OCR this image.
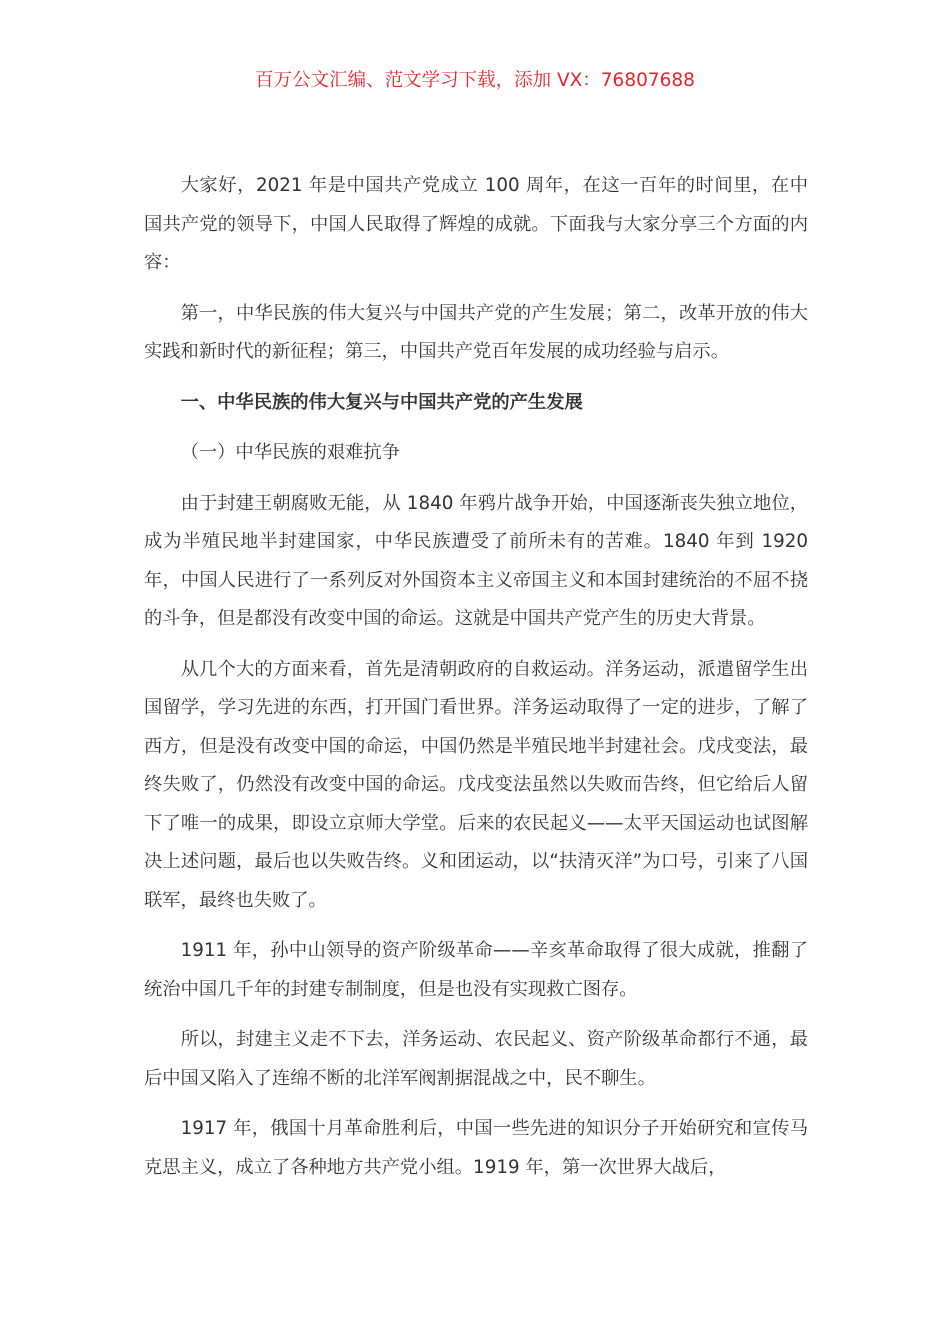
百万公文汇编、范文学习下载，添加 VX：76807688

大家好，2021 年是中国共产党成立 100 周年，在这一百年的时间里，在中国共产党的领导下，中国人民取得了辉煌的成就。下面我与大家分享三个方面的内容：

第一，中华民族的伟大复兴与中国共产党的产生发展；第二，改革开放的伟大实践和新时代的新征程；第三，中国共产党百年发展的成功经验与启示。

一、中华民族的伟大复兴与中国共产党的产生发展

（一）中华民族的艰难抗争

由于封建王朝腐败无能，从 1840 年鸦片战争开始，中国逐渐丧失独立地位，成为半殖民地半封建国家，中华民族遭受了前所未有的苦难。1840 年到 1920 年，中国人民进行了一系列反对外国资本主义帝国主义和本国封建统治的不屈不挠的斗争，但是都没有改变中国的命运。这就是中国共产党产生的历史大背景。

从几个大的方面来看，首先是清朝政府的自救运动。洋务运动，派遣留学生出国留学，学习先进的东西，打开国门看世界。洋务运动取得了一定的进步，了解了西方，但是没有改变中国的命运，中国仍然是半殖民地半封建社会。戊戌变法，最终失败了，仍然没有改变中国的命运。戊戌变法虽然以失败而告终，但它给后人留下了唯一的成果，即设立京师大学堂。后来的农民起义——太平天国运动也试图解决上述问题，最后也以失败告终。义和团运动，以“扶清灭洋”为口号，引来了八国联军，最终也失败了。

1911 年，孙中山领导的资产阶级革命——辛亥革命取得了很大成就，推翻了统治中国几千年的封建专制制度，但是也没有实现救亡图存。

所以，封建主义走不下去，洋务运动、农民起义、资产阶级革命都行不通，最后中国又陷入了连绵不断的北洋军阀割据混战之中，民不聊生。

1917 年，俄国十月革命胜利后，中国一些先进的知识分子开始研究和宣传马克思主义，成立了各种地方共产党小组。1919 年，第一次世界大战后，
